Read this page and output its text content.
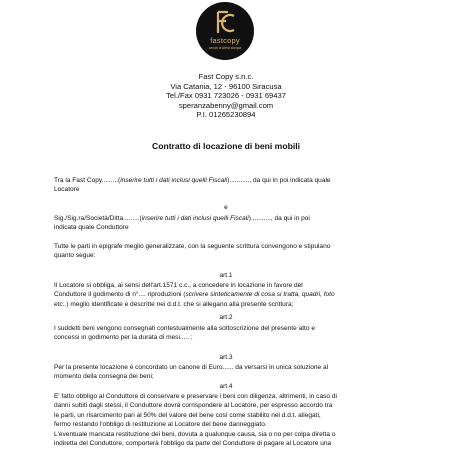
fastcopy
servizi di libera stampa
Fast Copy s.n.c.
Via Catania, 12 - 96100 Siracusa
Tel./Fax 0931 723026 - 0931 69437
speranzabenny@gmail.com
P.I. 01265230894
Contratto di locazione di beni mobili
Tra la Fast Copy.........(inserire tutti i dati inclusi quelli Fiscali)..........., da qui in poi indicata quale
Locatore
e
Sig./Sig.ra/Società/Ditta.........(inserire tutti i dati inclusi quelli Fiscali)..........., da qui in poi
indicata quale Conduttore
Tutte le parti in epigrafe meglio generalizzate, con la seguente scrittura convengono e stipulano
quanto segue:
art.1
Il Locatore si obbliga, ai sensi dell'art.1571 c.c., a concedere in locazione in favore del
Conduttore il godimento di n°.... riproduzioni (scrivere sinteticamente di cosa si tratta, quadri, foto
etc..) meglio identificate e descritte nei d.d.t. che si allegano alla presente scrittura;
art.2
I suddetti beni vengono consegnati contestualmente alla sottoscrizione del presente atto e
concessi in godimento per la durata di mesi..... ;
art.3
Per la presente locazione è concordato un canone di Euro...... da versarsi in unica soluzione al
momento della consegna dei beni;
art.4
E' fatto obbligo al Conduttore di conservare e preservare i beni con diligenza, altrimenti, in caso di
danni subiti dagli stessi, il Conduttore dovrà corrispondere al Locatore, per espresso accordo tra
le parti, un risarcimento pari al 50% del valore del bene così come stabilito nei d.d.t. allegati,
fermo restando l'obbligo di restituzione al Locatore del bene danneggiato.
L'eventuale mancata restituzione dei beni, dovuta a qualunque causa, sia o no per colpa diretta o
indiretta del Conduttore, comporterà l'obbligo da parte del Conduttore di pagare al Locatore una
